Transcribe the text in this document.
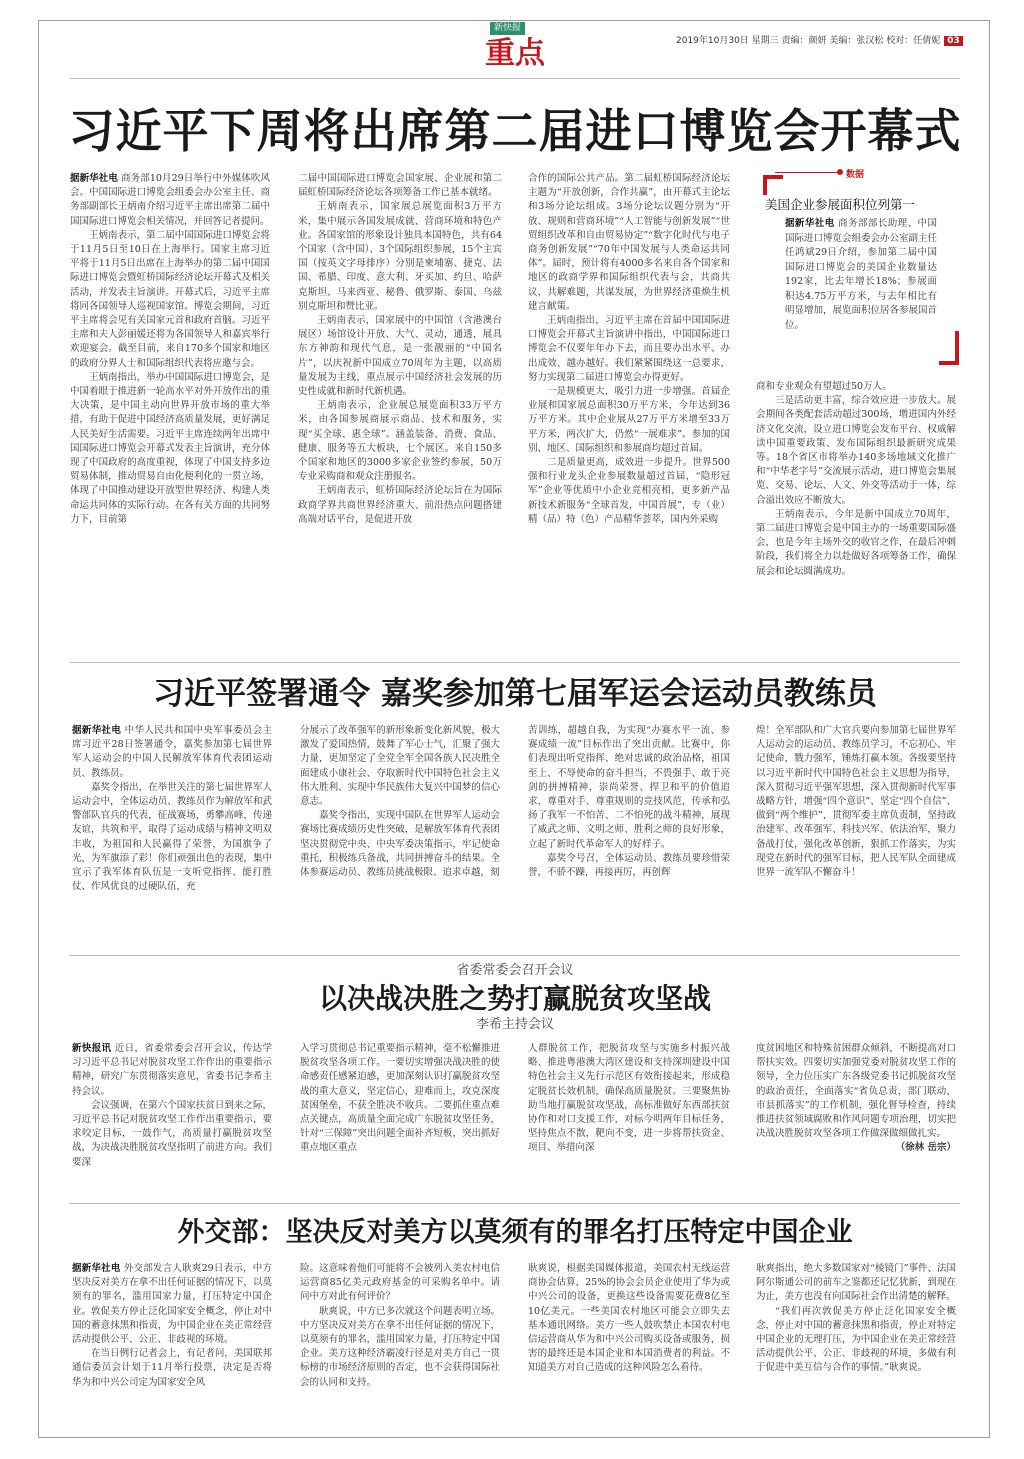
新快报
重点	2019年10月30日 星期三 责编：颜妍 美编：张汉松 校对：任倩妮 03
习近平下周将出席第二届进口博览会开幕式

据新华社电 商务部10月29日举行中外媒体吹风会。中国国际进口博览会组委会办公室主任、商务部副部长王炳南介绍习近平主席出席第二届中国国际进口博览会相关情况，并回答记者提问。

王炳南表示，第二届中国国际进口博览会将于11月5日至10日在上海举行。国家主席习近平将于11月5日出席在上海举办的第二届中国国际进口博览会暨虹桥国际经济论坛开幕式及相关活动，并发表主旨演讲。开幕式后，习近平主席将同各国领导人巡视国家馆。博览会期间，习近平主席将会见有关国家元首和政府首脑。习近平主席和夫人彭丽媛还将为各国领导人和嘉宾举行欢迎宴会。截至目前，来自170多个国家和地区的政府分界人士和国际组织代表将应邀与会。

王炳南指出，举办中国国际进口博览会，是中国着眼于推进新一轮高水平对外开放作出的重大决策，是中国主动向世界开放市场的重大举措，有助于促进中国经济高质量发展，更好满足人民美好生活需要。习近平主席连续两年出席中国国际进口博览会开幕式发表主旨演讲，充分体现了中国政府的高度重视，体现了中国支持多边贸易体制，推动贸易自由化便利化的一贯立场，体现了中国推动建设开放型世界经济、构建人类命运共同体的实际行动。在各有关方面的共同努力下，目前第

二届中国国际进口博览会国家展、企业展和第二届虹桥国际经济论坛各项筹备工作已基本就绪。

王炳南表示，国家展总展览面积3万平方米，集中展示各国发展成就、营商环境和特色产业。各国家馆的形象设计独具本国特色，共有64个国家（含中国）、3个国际组织参展，15个主宾国（按英文字母排序）分别是柬埔寨、捷克、法国、希腊、印度、意大利、牙买加、约旦、哈萨克斯坦、马来西亚、秘鲁、俄罗斯、泰国、乌兹别克斯坦和赞比亚。

王炳南表示，国家展中的中国馆（含港澳台展区）场馆设计开放、大气、灵动，通透，展具东方神韵和现代气息，是一张靓丽的“中国名片”，以庆祝新中国成立70周年为主题，以高质量发展为主线，重点展示中国经济社会发展的历史性成就和新时代新机遇。

王炳南表示，企业展总展览面积33万平方米，由各国参展商展示商品、技术和服务，实现“买全球、惠全球”。涵盖装备、消费、食品、健康、服务等五大板块，七个展区。来自150多个国家和地区的3000多家企业签约参展，50万专业采购商和观众注册报名。

王炳南表示，虹桥国际经济论坛旨在为国际政商学界共商世界经济重大、前沿热点问题搭建高端对话平台，是促进开放

合作的国际公共产品。第二届虹桥国际经济论坛主题为“开放创新，合作共赢”，由开幕式主论坛和3场分论坛组成。3场分论坛议题分别为“开放、规则和营商环境”“人工智能与创新发展”“世贸组织改革和自由贸易协定”“数字化时代与电子商务创新发展”“70年中国发展与人类命运共同体”。届时，预计将有4000多名来自各个国家和地区的政商学界和国际组织代表与会，共商共议，共解难题，共谋发展，为世界经济重焕生机建言献策。

王炳南指出，习近平主席在首届中国国际进口博览会开幕式主旨演讲中指出，中国国际进口博览会不仅要年年办下去，而且要办出水平、办出成效、越办越好。我们紧紧围绕这一总要求，努力实现第二届进口博览会办得更好。

一是规模更大，吸引力进一步增强。首届企业展和国家展总面积30万平方米，今年达到36万平方米。其中企业展从27万平方米增至33万平方米，两次扩大，仍然“一展难求”。参加的国别、地区、国际组织和参展商均超过首届。

二是质量更高，成效进一步提升。世界500强和行业龙头企业参展数量超过首届，“隐形冠军”企业等优质中小企业竞相亮相，更多新产品新技术新服务“全球首发，中国首展”，专（业）精（品）特（色）产品精华荟萃，国内外采购

数据
美国企业参展面积位列第一
据新华社电 商务部部长助理、中国国际进口博览会组委会办公室副主任任鸿斌29日介绍，参加第二届中国国际进口博览会的美国企业数量达192家，比去年增长18%；参展面积达4.75万平方米，与去年相比有明显增加，展览面积位居各参展国首位。

商和专业观众有望超过50万人。

三是活动更丰富，综合效应进一步放大。展会期间各类配套活动超过300场，增进国内外经济文化交流，设立进口博览会发布平台、权威解读中国重要政策、发布国际组织最新研究成果等。18个省区市将举办140多场地域文化推广和“中华老字号”交流展示活动，进口博览会集展览、交易、论坛、人文、外交等活动于一体，综合溢出效应不断放大。

王炳南表示，今年是新中国成立70周年，第二届进口博览会是中国主办的一场重要国际盛会，也是今年主场外交的收官之作，在最后冲刺阶段，我们将全力以赴做好各项筹备工作，确保展会和论坛圆满成功。

习近平签署通令 嘉奖参加第七届军运会运动员教练员

据新华社电 中华人民共和国中央军事委员会主席习近平28日签署通令，嘉奖参加第七届世界军人运动会的中国人民解放军体育代表团运动员、教练员。

嘉奖令指出，在举世关注的第七届世界军人运动会中，全体运动员、教练员作为解放军和武警部队官兵的代表，征战赛场，勇攀高峰，传递友谊，共筑和平，取得了运动成绩与精神文明双丰收，为祖国和人民赢得了荣誉，为国旗争了光，为军旗添了彩！你们顽强出色的表现，集中宣示了我军体育队伍是一支听党指挥、能打胜仗、作风优良的过硬队伍，充

分展示了改革强军的新形象新变化新风貌，极大激发了爱国热情，鼓舞了军心士气，汇聚了强大力量，更加坚定了全党全军全国各族人民决胜全面建成小康社会、夺取新时代中国特色社会主义伟大胜利、实现中华民族伟大复兴中国梦的信心意志。

嘉奖令指出，实现中国队在世界军人运动会赛场比赛成绩历史性突破，是解放军体育代表团坚决贯彻党中央、中央军委决策指示，牢记使命重托，积极练兵备战，共同拼搏奋斗的结果。全体参赛运动员、教练员挑战极限、追求卓越，刻

苦训练，超越自我，为实现“办赛水平一流、参赛成绩一流”目标作出了突出贡献。比赛中，你们表现出听党指挥、绝对忠诚的政治品格，祖国至上、不辱使命的奋斗担当，不畏强手、敢于亮剑的拼搏精神，崇尚荣誉、捍卫和平的价值追求，尊重对手、尊重规则的竞技风范，传承和弘扬了我军一不怕苦、二不怕死的战斗精神，展现了威武之师、文明之师、胜利之师的良好形象，立起了新时代革命军人的好样子。

嘉奖令号召，全体运动员、教练员要珍惜荣誉，不骄不躁，再接再厉，再创辉

煌！全军部队和广大官兵要向参加第七届世界军人运动会的运动员、教练员学习，不忘初心、牢记使命，戮力强军，锤炼打赢本领。各级要坚持以习近平新时代中国特色社会主义思想为指导，深入贯彻习近平强军思想，深入贯彻新时代军事战略方针，增强“四个意识”、坚定“四个自信”、做到“两个维护”，贯彻军委主席负责制，坚持政治建军、改革强军、科技兴军、依法治军，聚力备战打仗，强化改革创新，狠抓工作落实，为实现党在新时代的强军目标，把人民军队全面建成世界一流军队不懈奋斗！

省委常委会召开会议
以决战决胜之势打赢脱贫攻坚战
李希主持会议

新快报讯 近日，省委常委会召开会议，传达学习习近平总书记对脱贫攻坚工作作出的重要指示精神，研究广东贯彻落实意见，省委书记李希主持会议。

会议强调，在第六个国家扶贫日到来之际，习近平总书记对脱贫攻坚工作作出重要指示，要求咬定目标，一鼓作气，高质量打赢脱贫攻坚战，为决战决胜脱贫攻坚指明了前进方向。我们要深

入学习贯彻总书记重要指示精神，毫不松懈推进脱贫攻坚各项工作。一要切实增强决战决胜的使命感责任感紧迫感，更加深刻认识打赢脱贫攻坚战的重大意义，坚定信心，迎难而上，攻克深度贫困堡垒，不获全胜决不收兵。二要抓住重点难点关键点，高质量全面完成广东脱贫攻坚任务，针对“三保障”突出问题全面补齐短板，突出抓好重点地区重点

人群脱贫工作，把脱贫攻坚与实施乡村振兴战略、推进粤港澳大湾区建设和支持深圳建设中国特色社会主义先行示范区有效衔接起来，形成稳定脱贫长效机制，确保高质量脱贫。三要聚焦协助当地打赢脱贫攻坚战，高标准做好东西部扶贫协作和对口支援工作，对标今明两年目标任务，坚持焦点不散，靶向不变，进一步将帮扶资金、项目、举措向深

度贫困地区和特殊贫困群众倾斜，不断提高对口帮扶实效。四要切实加强党委对脱贫攻坚工作的领导，全力位压实广东各级党委书记抓脱贫攻坚的政治责任，全面落实“省负总责，部门联动，市县抓落实”的工作机制，强化督导检查，持续推进扶贫领域腐败和作风问题专项治理，切实把决战决胜脱贫攻坚各项工作做深做细做扎实。
（徐林 岳宗）

外交部：坚决反对美方以莫须有的罪名打压特定中国企业

据新华社电 外交部发言人耿爽29日表示，中方坚决反对美方在拿不出任何证据的情况下，以莫须有的罪名，滥用国家力量，打压特定中国企业。敦促美方停止泛化国家安全概念，停止对中国的蓄意抹黑和指责，为中国企业在美正常经营活动提供公平、公正、非歧视的环境。

在当日例行记者会上，有记者问，美国联邦通信委员会计划于11月举行投票，决定是否将华为和中兴公司定为国家安全风

险。这意味着他们可能将不会被列入美农村电信运营商85亿美元政府基金的可采购名单中。请问中方对此有何评价？

耿爽说，中方已多次就这个问题表明立场。中方坚决反对美方在拿不出任何证据的情况下，以莫须有的罪名，滥用国家力量，打压特定中国企业。美方这种经济霸凌行径是对美方自己一贯标榜的市场经济原则的否定，也不会获得国际社会的认同和支持。

耿爽说，根据美国媒体报道，美国农村无线运营商协会估算，25%的协会会员企业使用了华为或中兴公司的设备，更换这些设备需要花费8亿至10亿美元。一些美国农村地区可能会立即失去基本通讯网络。美方一些人鼓吹禁止本国农村电信运营商从华为和中兴公司购买设备或服务，损害的最终还是本国企业和本国消费者的利益。不知道美方对自己造成的这种风险怎么看待。

耿爽指出，绝大多数国家对“棱镜门”事件、法国阿尔斯通公司的前车之鉴都还记忆犹新，到现在为止，美方也没有向国际社会作出清楚的解释。

“我们再次敦促美方停止泛化国家安全概念，停止对中国的蓄意抹黑和指责，停止对特定中国企业的无理打压，为中国企业在美正常经营活动提供公平、公正、非歧视的环境，多做有利于促进中美互信与合作的事情。”耿爽说。
